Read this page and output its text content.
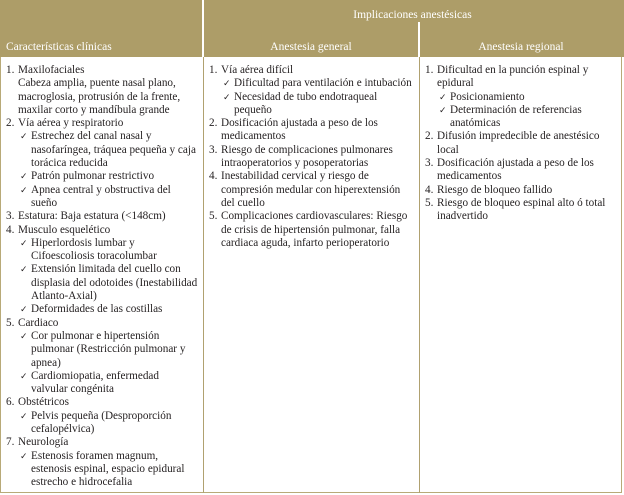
Implicaciones anestésicas
Características clínicas	Anestesia general	Anestesia regional
1. Maxilofaciales
Cabeza amplia, puente nasal plano, macroglosia, protrusión de la frente, maxilar corto y mandíbula grande
2. Vía aérea y respiratorio
✓ Estrechez del canal nasal y nasofaríngea, tráquea pequeña y caja torácica reducida
✓ Patrón pulmonar restrictivo
✓ Apnea central y obstructiva del sueño
3. Estatura: Baja estatura (<148cm)
4. Musculo esquelético
✓ Hiperlordosis lumbar y Cifoescoliosis toracolumbar
✓ Extensión limitada del cuello con displasia del odotoides (Inestabilidad Atlanto-Axial)
✓ Deformidades de las costillas
5. Cardiaco
✓ Cor pulmonar e hipertensión pulmonar (Restricción pulmonar y apnea)
✓ Cardiomiopatia, enfermedad valvular congénita
6. Obstétricos
✓ Pelvis pequeña (Desproporción cefalopélvica)
7. Neurología
✓ Estenosis foramen magnum, estenosis espinal, espacio epidural estrecho e hidrocefalia
1. Vía aérea difícil
✓ Dificultad para ventilación e intubación
✓ Necesidad de tubo endotraqueal pequeño
2. Dosificación ajustada a peso de los medicamentos
3. Riesgo de complicaciones pulmonares intraoperatorios y posoperatorias
4. Inestabilidad cervical y riesgo de compresión medular con hiperextensión del cuello
5. Complicaciones cardiovasculares: Riesgo de crisis de hipertensión pulmonar, falla cardiaca aguda, infarto perioperatorio
1. Dificultad en la punción espinal y epidural
✓ Posicionamiento
✓ Determinación de referencias anatómicas
2. Difusión impredecible de anestésico local
3. Dosificación ajustada a peso de los medicamentos
4. Riesgo de bloqueo fallido
5. Riesgo de bloqueo espinal alto ó total inadvertido
